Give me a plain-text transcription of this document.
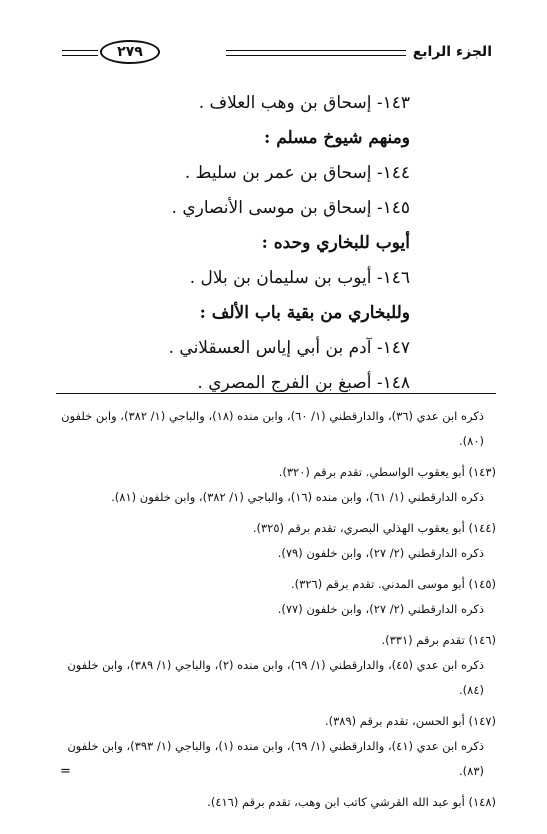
الجزء الرابع
٢٧٩
١٤٣- إسحاق بن وهب العلاف .
ومنهم شيوخ مسلم :
١٤٤- إسحاق بن عمر بن سليط .
١٤٥- إسحاق بن موسى الأنصاري .
أيوب للبخاري وحده :
١٤٦- أيوب بن سليمان بن بلال .
وللبخاري من بقية باب الألف :
١٤٧- آدم بن أبي إياس العسقلاني .
١٤٨- أصبغ بن الفرج المصري .

ذكره ابن عدي (٣٦)، والدارقطني (١/ ٦٠)، وابن منده (١٨)، والباجي (١/ ٣٨٢)، وابن خلفون (٨٠).

(١٤٣) أبو يعقوب الواسطي. تقدم برقم (٣٢٠).

ذكره الدارقطني (١/ ٦١)، وابن منده (١٦)، والباجي (١/ ٣٨٢)، وابن خلفون (٨١).

(١٤٤) أبو يعقوب الهذلي البصري، تقدم برقم (٣٢٥).

ذكره الدارقطني (٢/ ٢٧)، وابن خلفون (٧٩).

(١٤٥) أبو موسى المدني. تقدم برقم (٣٢٦).

ذكره الدارقطني (٢/ ٢٧)، وابن خلفون (٧٧).

(١٤٦) تقدم برقم (٣٣١).

ذكره ابن عدي (٤٥)، والدارقطني (١/ ٦٩)، وابن منده (٢)، والباجي (١/ ٣٨٩)، وابن خلفون (٨٤).

(١٤٧) أبو الحسن، تقدم برقم (٣٨٩).

ذكره ابن عدي (٤١)، والدارقطني (١/ ٦٩)، وابن منده (١)، والباجي (١/ ٣٩٣)، وابن خلفون (٨٣).

(١٤٨) أبو عبد الله القرشي كاتب ابن وهب، تقدم برقم (٤١٦).

=
